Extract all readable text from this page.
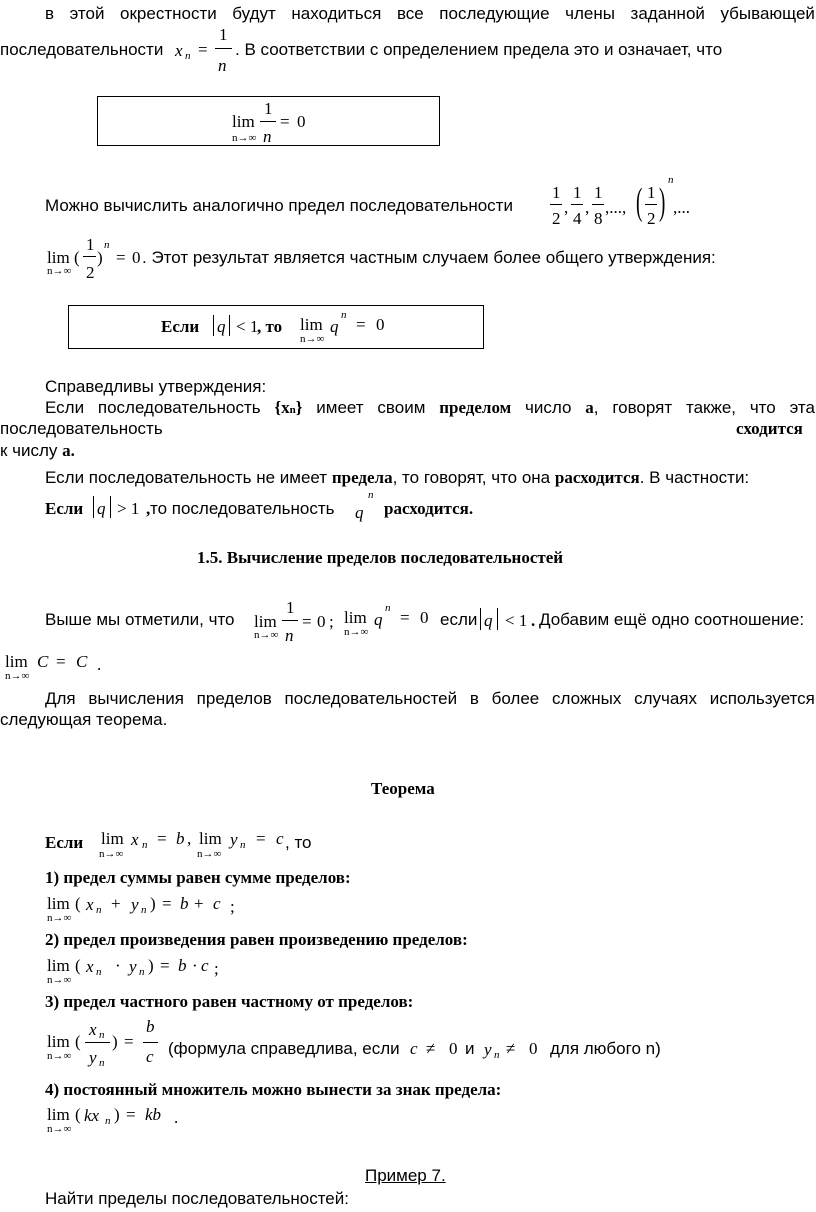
в этой окрестности будут находиться все последующие члены заданной убывающей
последовательности x n =
1
n
. В соответствии с определением предела это и означает, что
lim
n→∞
1
n
= 0
Можно вычислить аналогично предел последовательности
1
2
,
1
4
,
1
8
,..., ( 1
2 )
n
,...
lim
n→∞
(
1
2
)
n
= 0 . Этот результат является частным случаем более общего утверждения:
Если q < 1
, то lim
n→∞
q
n = 0
Справедливы утверждения:
Если последовательность {xn} имеет своим пределом число а, говорят также, что эта
последовательность	сходится
к числу а.
Если последовательность не имеет предела, то говорят, что она расходится. В частности:
Если q > 1 , то последовательность q
n
расходится.
1.5. Вычисление пределов последовательностей
Выше мы отметили, что lim
n→∞
1
n
= 0 ; lim
n→∞
q
n = 0 если q < 1 . Добавим ещё одно соотношение:
lim
n→∞
C = C .
Для вычисления пределов последовательностей в более сложных случаях используется
следующая теорема.
Теорема
Если lim
n→∞
x n = b , lim
n→∞
y n = c , то
1) предел суммы равен сумме пределов:
lim
n→∞
( x n + y n ) = b + c ;
2) предел произведения равен произведению пределов:
lim
n→∞
( x n · y n ) = b · c ;
3) предел частного равен частному от пределов:
lim
n→∞
(
x n
y n
) =
b
c (формула справедлива, если c ≠ 0 и y n ≠ 0 для любого n)
4) постоянный множитель можно вынести за знак предела:
lim
n→∞
( kx n ) = kb .
Пример 7.
Найти пределы последовательностей:
